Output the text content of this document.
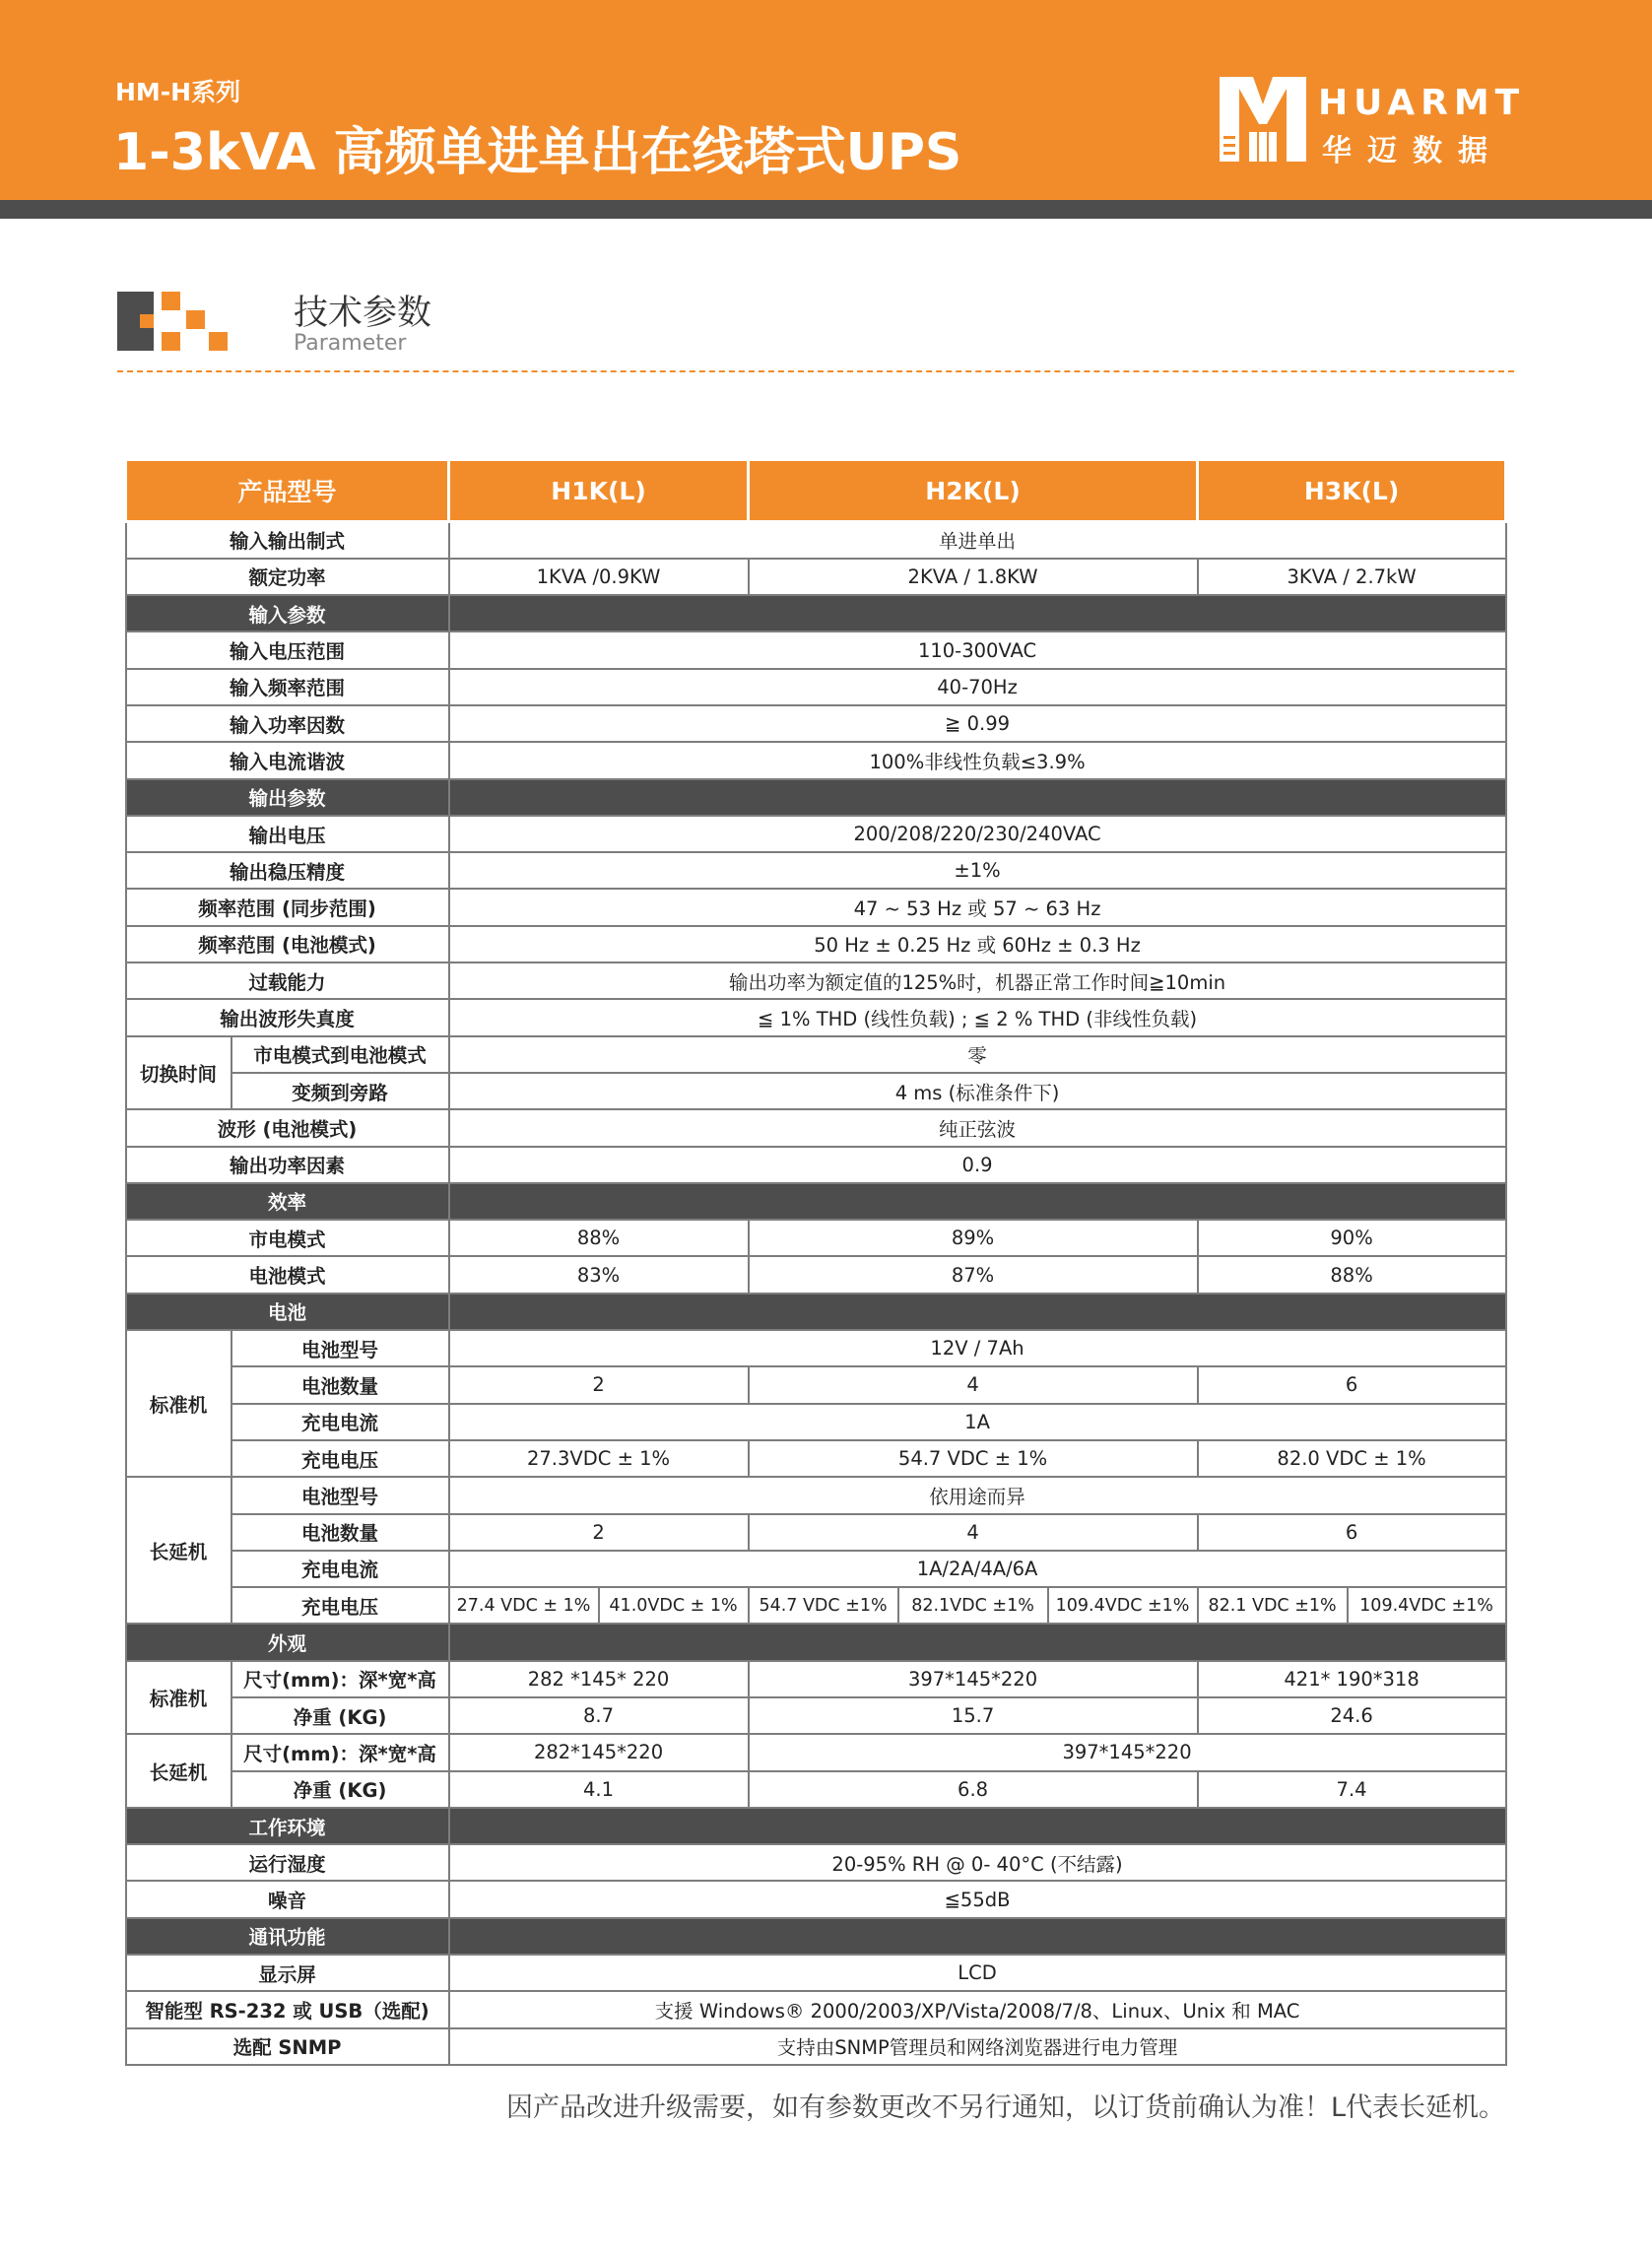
HM-H系列
1-3kVA 高频单进单出在线塔式UPS
HUARMT
华迈数据
技术参数
Parameter
产品型号		H1K(L)		H2K(L)			H3K(L)	
输入输出制式		单进单出						
额定功率		1KVA /0.9KW		2KVA / 1.8KW			3KVA / 2.7kW	
输入参数								
输入电压范围		110-300VAC						
输入频率范围		40-70Hz						
输入功率因数		≧ 0.99						
输入电流谐波		100%非线性负载≤3.9%						
输出参数								
输出电压		200/208/220/230/240VAC						
输出稳压精度		±1%						
频率范围 (同步范围)		47 ~ 53 Hz 或 57 ~ 63 Hz						
频率范围 (电池模式)		50 Hz ± 0.25 Hz 或 60Hz ± 0.3 Hz						
过载能力		输出功率为额定值的125%时，机器正常工作时间≧10min						
输出波形失真度		≦ 1% THD (线性负载) ; ≦ 2 % THD (非线性负载)						
切换时间	市电模式到电池模式	零						
	变频到旁路	4 ms (标准条件下)						
波形 (电池模式)		纯正弦波						
输出功率因素		0.9						
效率								
市电模式		88%		89%			90%	
电池模式		83%		87%			88%	
电池								
标准机	电池型号	12V / 7Ah						
	电池数量	2		4			6	
	充电电流	1A						
	充电电压	27.3VDC ± 1%		54.7 VDC ± 1%			82.0 VDC ± 1%	
长延机	电池型号	依用途而异						
	电池数量	2		4			6	
	充电电流	1A/2A/4A/6A						
	充电电压	27.4 VDC ± 1%	41.0VDC ± 1%	54.7 VDC ±1%	82.1VDC ±1%	109.4VDC ±1%	82.1 VDC ±1%	109.4VDC ±1%
外观								
标准机	尺寸(mm)：深*宽*高	282 *145* 220		397*145*220			421* 190*318	
	净重 (KG)	8.7		15.7			24.6	
长延机	尺寸(mm)：深*宽*高	282*145*220		397*145*220				
	净重 (KG)	4.1		6.8			7.4	
工作环境								
运行湿度		20-95% RH @ 0- 40°C (不结露)						
噪音		≦55dB						
通讯功能								
显示屏		LCD						
智能型 RS-232 或 USB（选配)		支援 Windows® 2000/2003/XP/Vista/2008/7/8、Linux、Unix 和 MAC						
选配 SNMP		支持由SNMP管理员和网络浏览器进行电力管理						
因产品改进升级需要，如有参数更改不另行通知，以订货前确认为准！L代表长延机。
